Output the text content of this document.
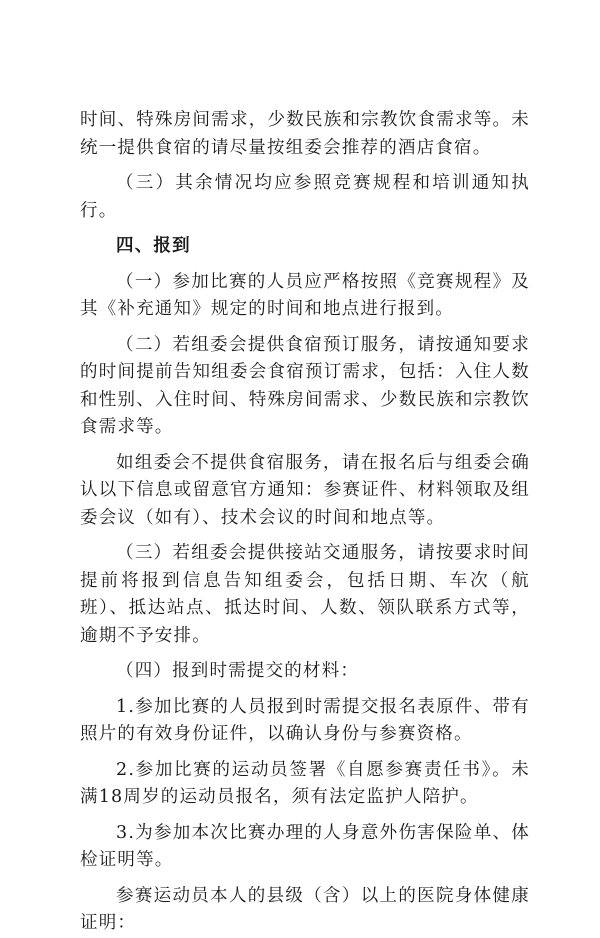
时间、特殊房间需求，少数民族和宗教饮食需求等。未统一提供食宿的请尽量按组委会推荐的酒店食宿。

（三）其余情况均应参照竞赛规程和培训通知执行。

四、报到

（一）参加比赛的人员应严格按照《竞赛规程》及其《补充通知》规定的时间和地点进行报到。

（二）若组委会提供食宿预订服务，请按通知要求的时间提前告知组委会食宿预订需求，包括：入住人数和性别、入住时间、特殊房间需求、少数民族和宗教饮食需求等。

如组委会不提供食宿服务，请在报名后与组委会确认以下信息或留意官方通知：参赛证件、材料领取及组委会议（如有）、技术会议的时间和地点等。

（三）若组委会提供接站交通服务，请按要求时间提前将报到信息告知组委会，包括日期、车次（航班）、抵达站点、抵达时间、人数、领队联系方式等，逾期不予安排。

（四）报到时需提交的材料：

1.参加比赛的人员报到时需提交报名表原件、带有照片的有效身份证件，以确认身份与参赛资格。

2.参加比赛的运动员签署《自愿参赛责任书》。未满18周岁的运动员报名，须有法定监护人陪护。

3.为参加本次比赛办理的人身意外伤害保险单、体检证明等。

参赛运动员本人的县级（含）以上的医院身体健康证明：
